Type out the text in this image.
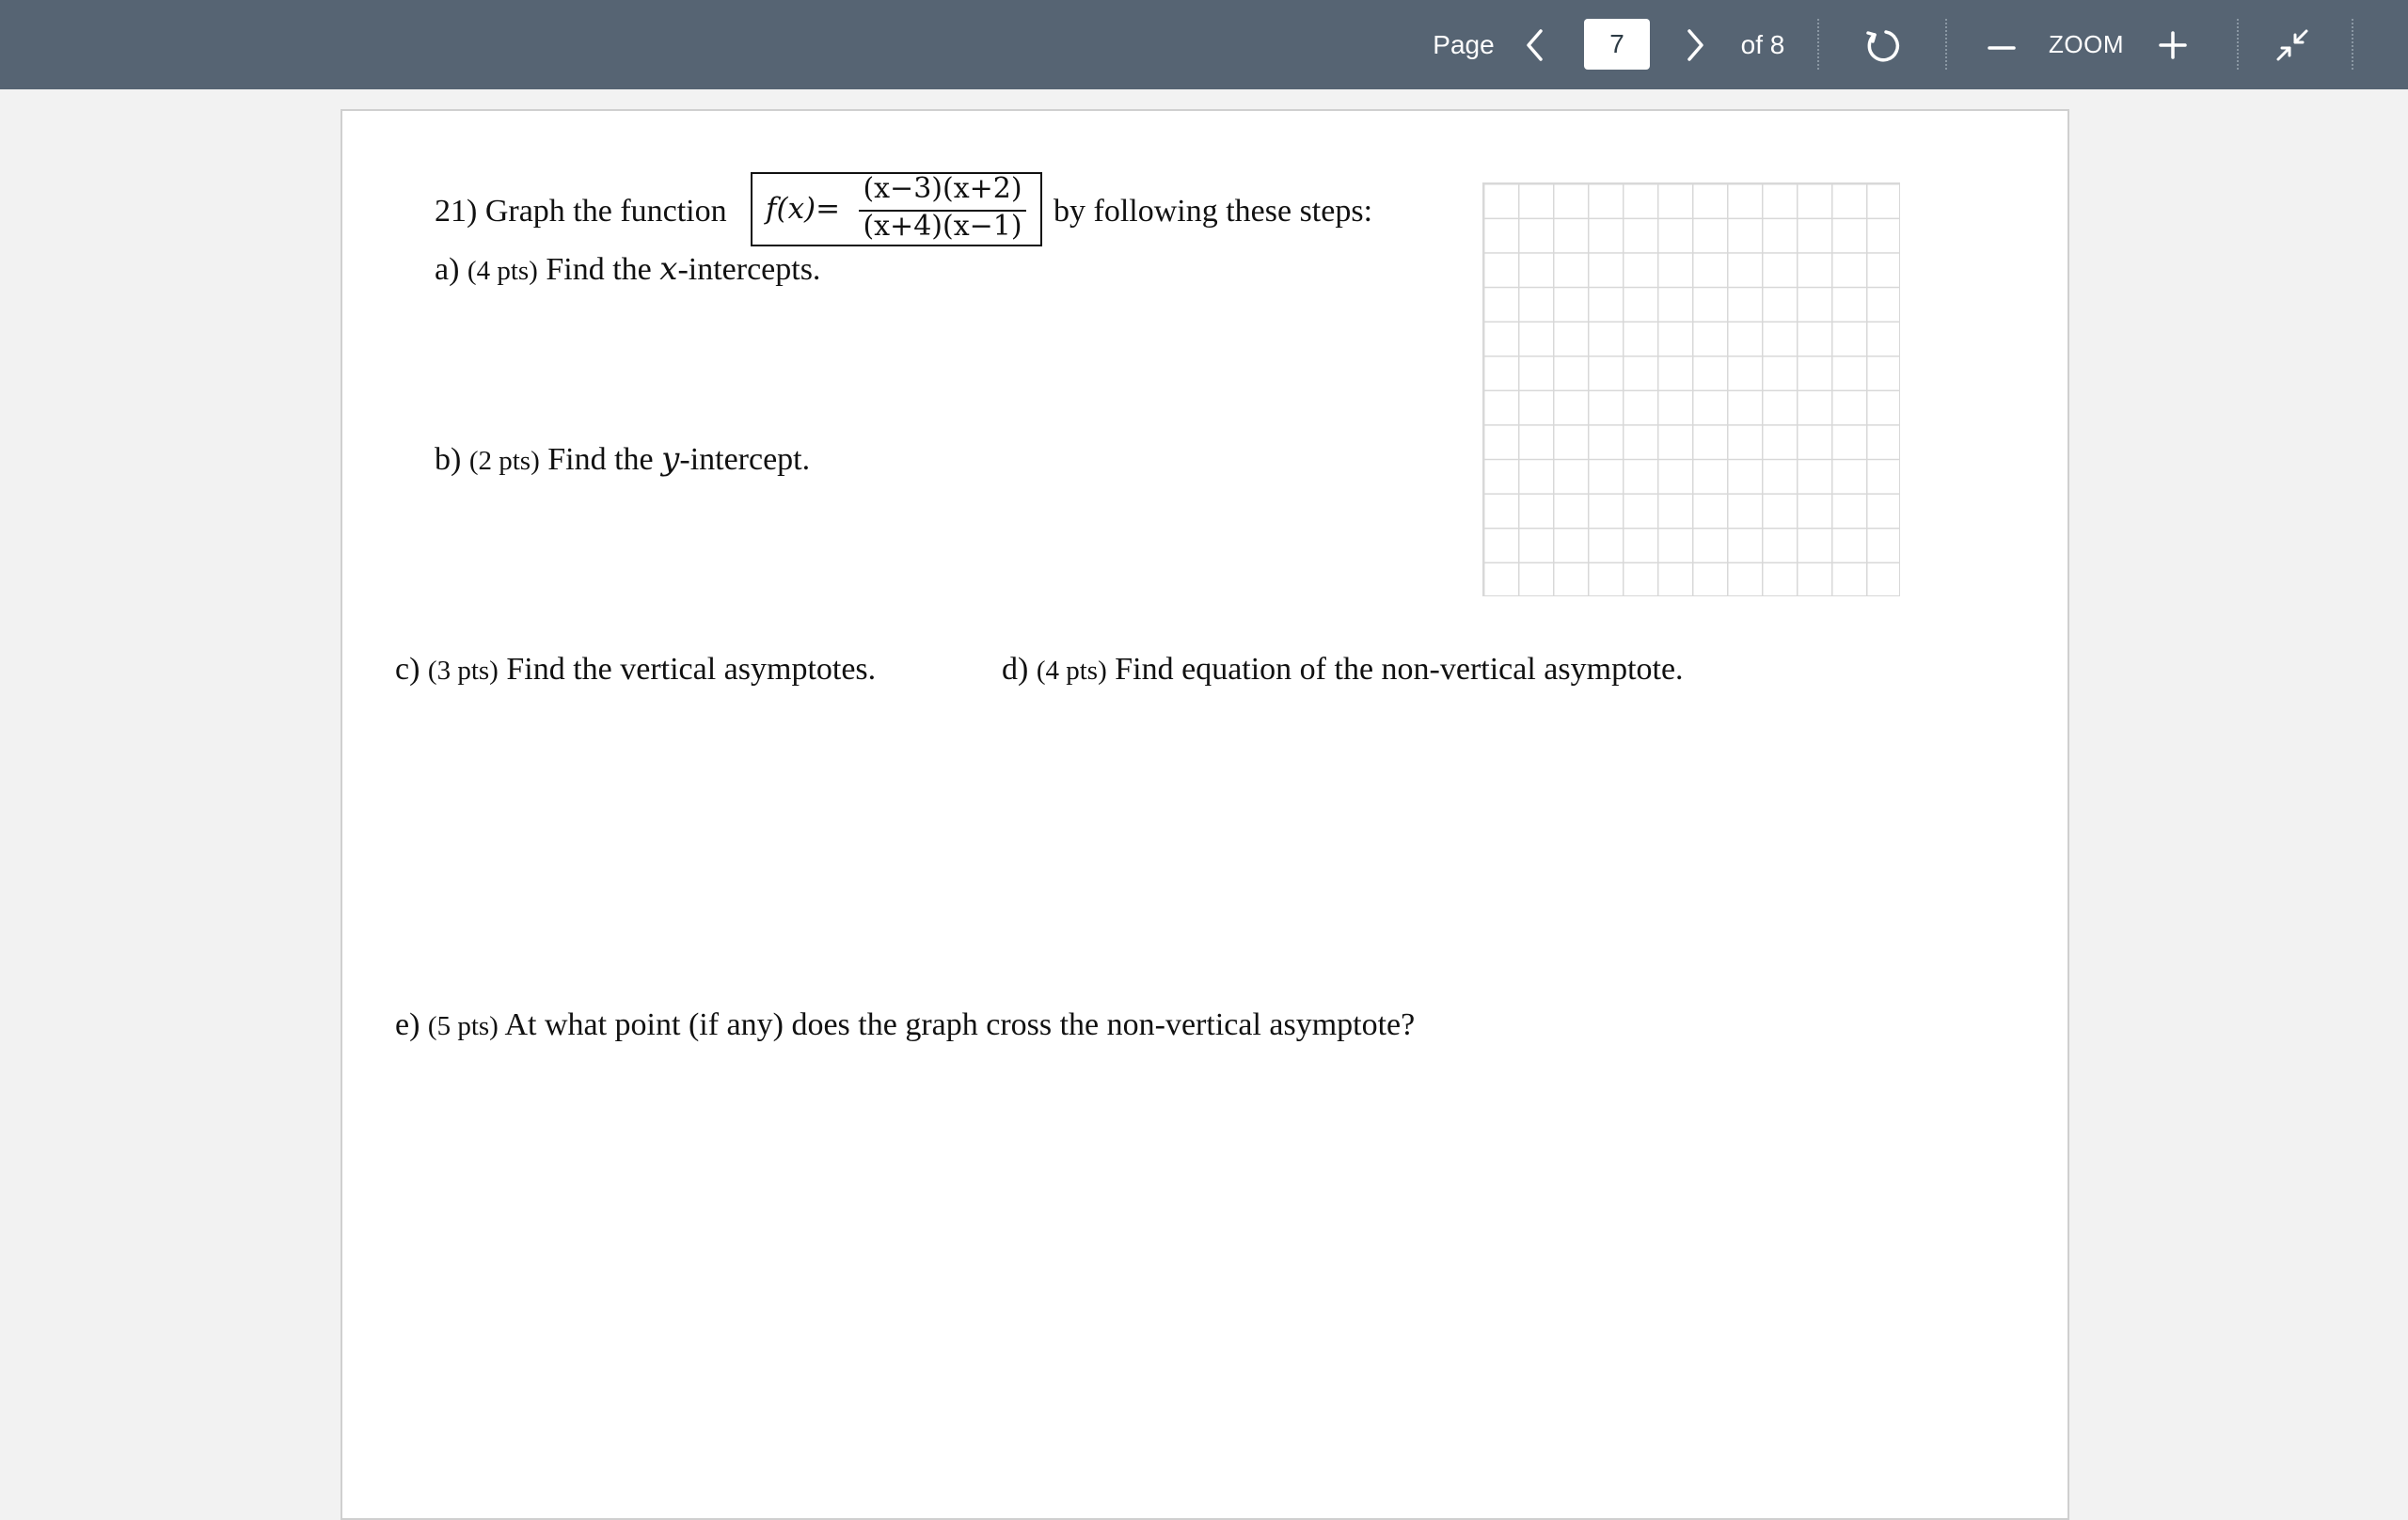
Page
7	of 8	ZOOM
21) Graph the function f(x)=
(x−3)(x+2)
(x+4)(x−1) by following these steps:
a) (4 pts) Find the x-intercepts.
b) (2 pts) Find the y-intercept.
c) (3 pts) Find the vertical asymptotes.	d) (4 pts) Find equation of the non-vertical asymptote.
e) (5 pts) At what point (if any) does the graph cross the non-vertical asymptote?
